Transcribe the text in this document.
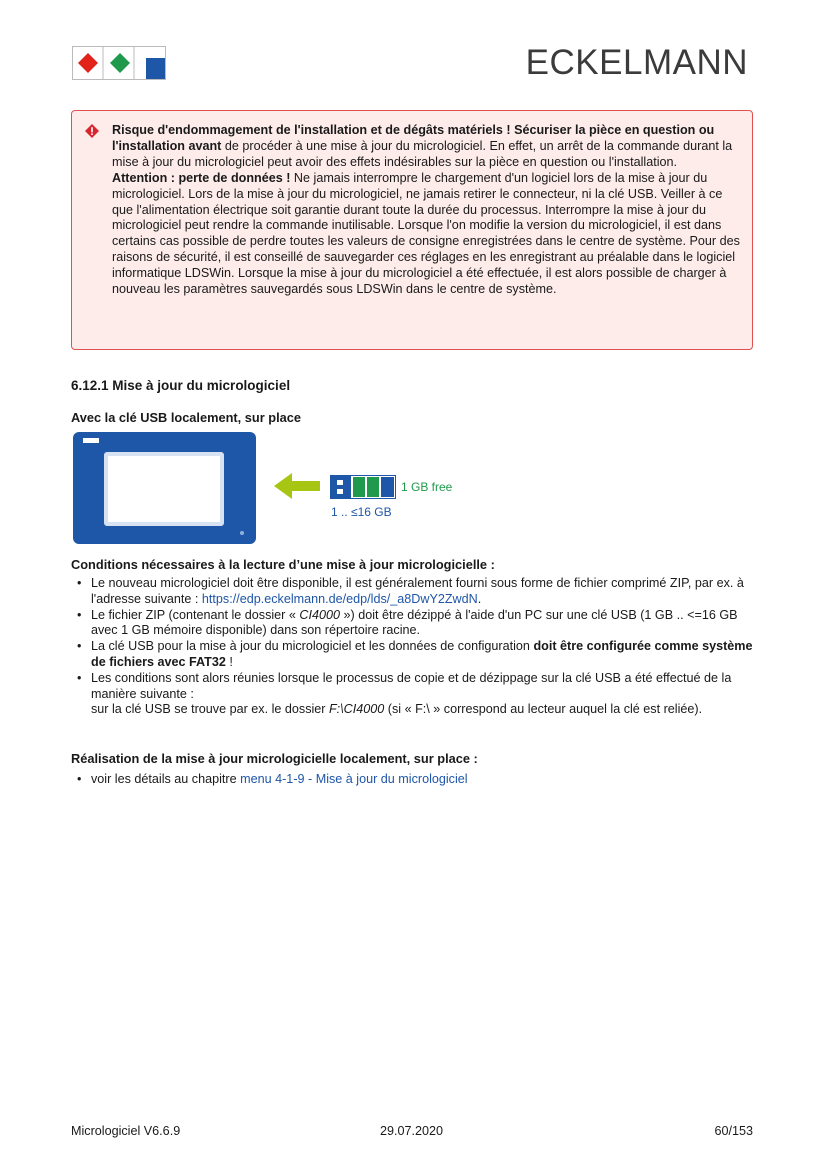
ECKELMANN

Risque d'endommagement de l'installation et de dégâts matériels ! Sécuriser la pièce en question ou l'installation avant de procéder à une mise à jour du micrologiciel. En effet, un arrêt de la commande durant la mise à jour du micrologiciel peut avoir des effets indésirables sur la pièce en question ou l'installation.

Attention : perte de données ! Ne jamais interrompre le chargement d'un logiciel lors de la mise à jour du micrologiciel. Lors de la mise à jour du micrologiciel, ne jamais retirer le connecteur, ni la clé USB. Veiller à ce que l'alimentation électrique soit garantie durant toute la durée du processus. Interrompre la mise à jour du micrologiciel peut rendre la commande inutilisable. Lorsque l'on modifie la version du micrologiciel, il est dans certains cas possible de perdre toutes les valeurs de consigne enregistrées dans le centre de système. Pour des raisons de sécurité, il est conseillé de sauvegarder ces réglages en les enregistrant au préalable dans le logiciel informatique LDSWin. Lorsque la mise à jour du micrologiciel a été effectuée, il est alors possible de charger à nouveau les paramètres sauvegardés sous LDSWin dans le centre de système.

6.12.1 Mise à jour du micrologiciel
Avec la clé USB localement, sur place
1 GB free
1 .. ≤16 GB
Conditions nécessaires à la lecture d’une mise à jour micrologicielle :
• Le nouveau micrologiciel doit être disponible, il est généralement fourni sous forme de fichier comprimé ZIP, par ex. à l'adresse suivante : https://edp.eckelmann.de/edp/lds/_a8DwY2ZwdN.
• Le fichier ZIP (contenant le dossier « CI4000 ») doit être dézippé à l'aide d'un PC sur une clé USB (1 GB .. <=16 GB avec 1 GB mémoire disponible) dans son répertoire racine.
• La clé USB pour la mise à jour du micrologiciel et les données de configuration doit être configurée comme système de fichiers avec FAT32 !
• Les conditions sont alors réunies lorsque le processus de copie et de dézippage sur la clé USB a été effectué de la manière suivante :
sur la clé USB se trouve par ex. le dossier F:\CI4000 (si « F:\ » correspond au lecteur auquel la clé est reliée).
Réalisation de la mise à jour micrologicielle localement, sur place :
• voir les détails au chapitre menu 4-1-9 - Mise à jour du micrologiciel
Micrologiciel V6.6.9	29.07.2020	60/153
